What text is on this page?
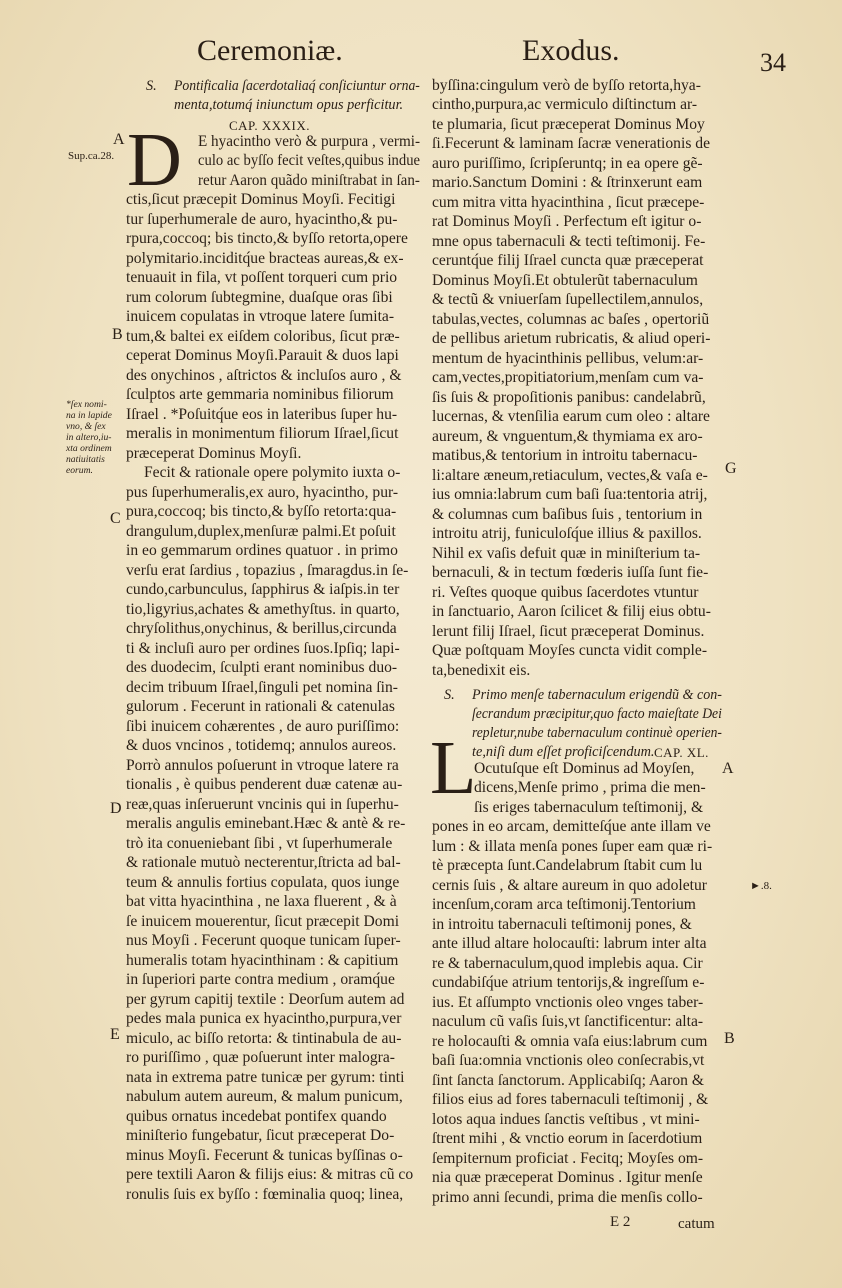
Ceremoniæ.	Exodus.	34
A
Sup.ca.28.
B
*ſex nomi-
na in lapide
vno, & ſex
in altero,iu-
xta ordinem
natiuitatis
eorum.
C
D
E
S. Pontificalia ſacerdotaliaq́ conſiciuntur orna-
menta,totumq́ iniunctum opus perficitur.
CAP. XXXIX.
D E hyacintho verò & purpura , vermi-
culo ac byſſo fecit veſtes,quibus indue
retur Aaron quãdo miniſtrabat in ſan-
ctis,ſicut præcepit Dominus Moyſi. Fecitigi
tur ſuperhumerale de auro, hyacintho,& pu-
rpura,coccoq; bis tincto,& byſſo retorta,opere
polymitario.inciditq́ue bracteas aureas,& ex-
tenuauit in fila, vt poſſent torqueri cum prio
rum colorum ſubtegmine, duaſque oras ſibi
inuicem copulatas in vtroque latere ſumita-
tum,& baltei ex eiſdem coloribus, ſicut præ-
ceperat Dominus Moyſi.Parauit & duos lapi
des onychinos , aſtrictos & incluſos auro , &
ſculptos arte gemmaria nominibus filiorum
Iſrael . *Poſuitq́ue eos in lateribus ſuper hu-
meralis in monimentum filiorum Iſrael,ſicut
præceperat Dominus Moyſi.
Fecit & rationale opere polymito iuxta o-
pus ſuperhumeralis,ex auro, hyacintho, pur-
pura,coccoq; bis tincto,& byſſo retorta:qua-
drangulum,duplex,menſuræ palmi.Et poſuit
in eo gemmarum ordines quatuor . in primo
verſu erat ſardius , topazius , ſmaragdus.in ſe-
cundo,carbunculus, ſapphirus & iaſpis.in ter
tio,ligyrius,achates & amethyſtus. in quarto,
chryſolithus,onychinus, & berillus,circunda
ti & incluſi auro per ordines ſuos.Ipſiq; lapi-
des duodecim, ſculpti erant nominibus duo-
decim tribuum Iſrael,ſinguli pet nomina ſin-
gulorum . Fecerunt in rationali & catenulas
ſibi inuicem cohærentes , de auro puriſſimo:
& duos vncinos , totidemq; annulos aureos.
Porrò annulos poſuerunt in vtroque latere ra
tionalis , è quibus penderent duæ catenæ au-
reæ,quas inſeruerunt vncinis qui in ſuperhu-
meralis angulis eminebant.Hæc & antè & re-
trò ita conueniebant ſibi , vt ſuperhumerale
& rationale mutuò necterentur,ſtricta ad bal-
teum & annulis fortius copulata, quos iunge
bat vitta hyacinthina , ne laxa fluerent , & à
ſe inuicem mouerentur, ſicut præcepit Domi
nus Moyſi . Fecerunt quoque tunicam ſuper-
humeralis totam hyacinthinam : & capitium
in ſuperiori parte contra medium , oramq́ue
per gyrum capitij textile : Deorſum autem ad
pedes mala punica ex hyacintho,purpura,ver
miculo, ac biſſo retorta: & tintinabula de au-
ro puriſſimo , quæ poſuerunt inter malogra-
nata in extrema patre tunicæ per gyrum: tinti
nabulum autem aureum, & malum punicum,
quibus ornatus incedebat pontifex quando
miniſterio fungebatur, ſicut præceperat Do-
minus Moyſi. Fecerunt & tunicas byſſinas o-
pere textili Aaron & filijs eius: & mitras cũ co
ronulis ſuis ex byſſo : fœminalia quoq; linea,
byſſina:cingulum verò de byſſo retorta,hya-
cintho,purpura,ac vermiculo diſtinctum ar-
te plumaria, ſicut præceperat Dominus Moy
ſi.Fecerunt & laminam ſacræ venerationis de
auro puriſſimo, ſcripſeruntq; in ea opere gẽ-
mario.Sanctum Domini : & ſtrinxerunt eam
cum mitra vitta hyacinthina , ſicut præcepe-
rat Dominus Moyſi . Perfectum eſt igitur o-
mne opus tabernaculi & tecti teſtimonij. Fe-
ceruntq́ue filij Iſrael cuncta quæ præceperat
Dominus Moyſi.Et obtulerũt tabernaculum
& tectũ & vniuerſam ſupellectilem,annulos,
tabulas,vectes, columnas ac baſes , opertoriũ
de pellibus arietum rubricatis, & aliud operi-
mentum de hyacinthinis pellibus, velum:ar-
cam,vectes,propitiatorium,menſam cum va-
ſis ſuis & propoſitionis panibus: candelabrũ,
lucernas, & vtenſilia earum cum oleo : altare
aureum, & vnguentum,& thymiama ex aro-
matibus,& tentorium in introitu tabernacu-
li:altare æneum,retiaculum, vectes,& vaſa e-
ius omnia:labrum cum baſi ſua:tentoria atrij,
& columnas cum baſibus ſuis , tentorium in
introitu atrij, funiculoſq́ue illius & paxillos.
Nihil ex vaſis defuit quæ in miniſterium ta-
bernaculi, & in tectum fœderis iuſſa ſunt fie-
ri. Veſtes quoque quibus ſacerdotes vtuntur
in ſanctuario, Aaron ſcilicet & filij eius obtu-
lerunt filij Iſrael, ſicut præceperat Dominus.
Quæ poſtquam Moyſes cuncta vidit comple-
ta,benedixit eis.
S. Primo menſe tabernaculum erigendũ & con-
ſecrandum præcipitur,quo facto maieſtate Dei
repletur,nube tabernaculum continuè operien-
te,niſi dum eſſet proficiſcendum. CAP. XL.
L
Ocutuſque eſt Dominus ad Moyſen,
dicens,Menſe primo , prima die men-
ſis eriges tabernaculum teſtimonij, &
pones in eo arcam, demitteſq́ue ante illam ve
lum : & illata menſa pones ſuper eam quæ ri-
tè præcepta ſunt.Candelabrum ſtabit cum lu
cernis ſuis , & altare aureum in quo adoletur
incenſum,coram arca teſtimonij.Tentorium
in introitu tabernaculi teſtimonij pones, &
ante illud altare holocauſti: labrum inter alta
re & tabernaculum,quod implebis aqua. Cir
cundabiſq́ue atrium tentorijs,& ingreſſum e-
ius. Et aſſumpto vnctionis oleo vnges taber-
naculum cũ vaſis ſuis,vt ſanctificentur: alta-
re holocauſti & omnia vaſa eius:labrum cum
baſi ſua:omnia vnctionis oleo conſecrabis,vt
ſint ſancta ſanctorum. Applicabiſq; Aaron &
filios eius ad fores tabernaculi teſtimonij , &
lotos aqua indues ſanctis veſtibus , vt mini-
ſtrent mihi , & vnctio eorum in ſacerdotium
ſempiternum proficiat . Fecitq; Moyſes om-
nia quæ præceperat Dominus . Igitur menſe
primo anni ſecundi, prima die menſis collo-
G
A
►.8.
B
E 2	catum
